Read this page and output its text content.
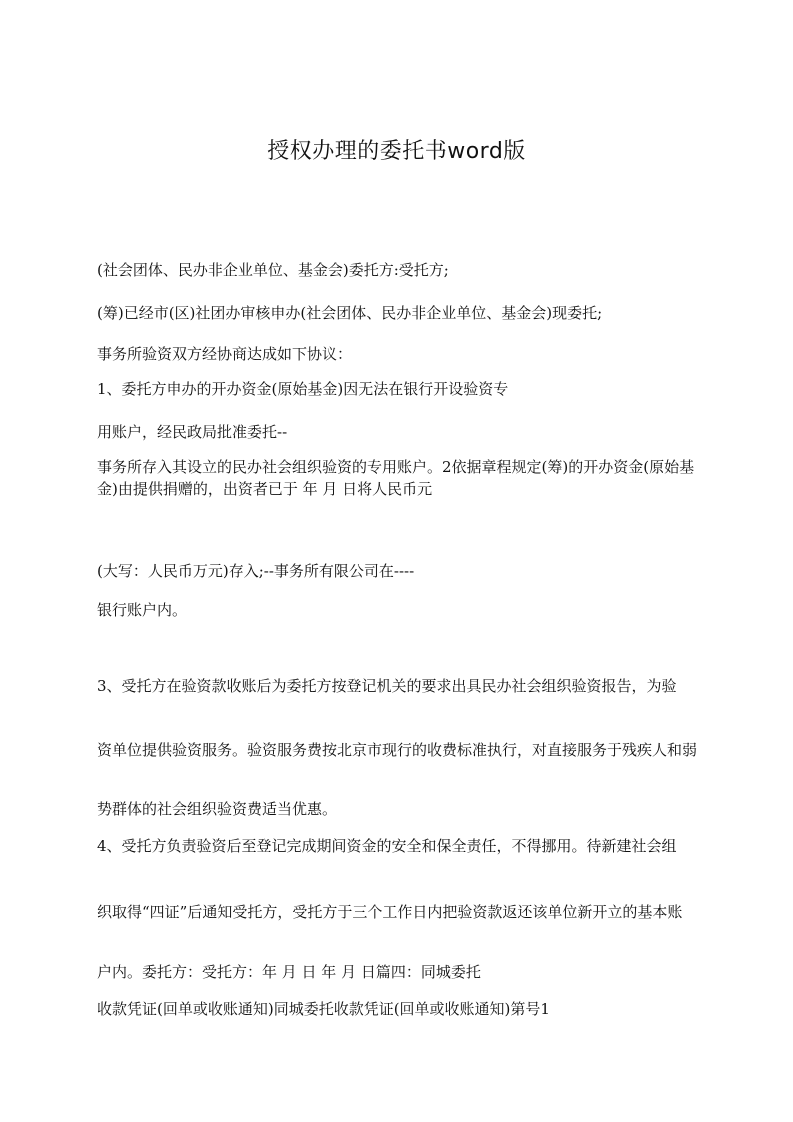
授权办理的委托书word版

(社会团体、民办非企业单位、基金会)委托方:受托方;

(筹)已经市(区)社团办审核申办(社会团体、民办非企业单位、基金会)现委托;

事务所验资双方经协商达成如下协议：

1、委托方申办的开办资金(原始基金)因无法在银行开设验资专

用账户，经民政局批准委托--

事务所存入其设立的民办社会组织验资的专用账户。2依据章程规定(筹)的开办资金(原始基金)由提供捐赠的，出资者已于 年 月 日将人民币元

(大写：人民币万元)存入;--事务所有限公司在----

银行账户内。

3、受托方在验资款收账后为委托方按登记机关的要求出具民办社会组织验资报告，为验

资单位提供验资服务。验资服务费按北京市现行的收费标准执行，对直接服务于残疾人和弱

势群体的社会组织验资费适当优惠。

4、受托方负责验资后至登记完成期间资金的安全和保全责任，不得挪用。待新建社会组

织取得“四证”后通知受托方，受托方于三个工作日内把验资款返还该单位新开立的基本账

户内。委托方：受托方：年 月 日 年 月 日篇四：同城委托

收款凭证(回单或收账通知)同城委托收款凭证(回单或收账通知)第号1
